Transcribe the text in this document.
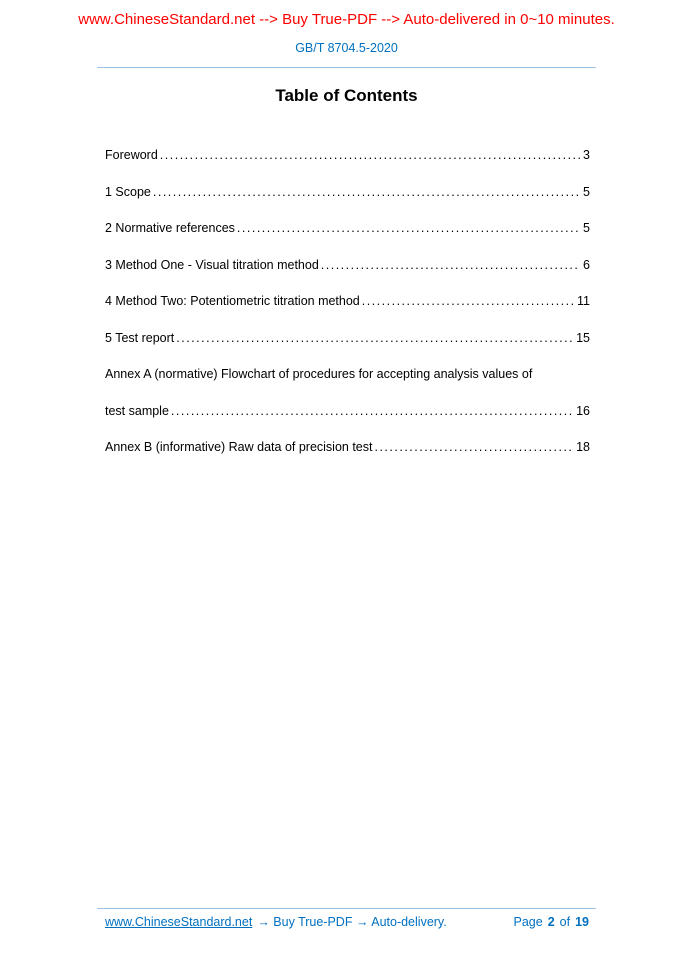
www.ChineseStandard.net --> Buy True-PDF --> Auto-delivered in 0~10 minutes.
GB/T 8704.5-2020
Table of Contents
Foreword .....	3
1 Scope .....	5
2 Normative references .....	5
3 Method One - Visual titration method .....	6
4 Method Two: Potentiometric titration method .....	11
5 Test report .....	15
Annex A (normative) Flowchart of procedures for accepting analysis values of
test sample .....	16
Annex B (informative) Raw data of precision test .....	18
www.ChineseStandard.net → Buy True-PDF → Auto-delivery.	Page 2 of 19
